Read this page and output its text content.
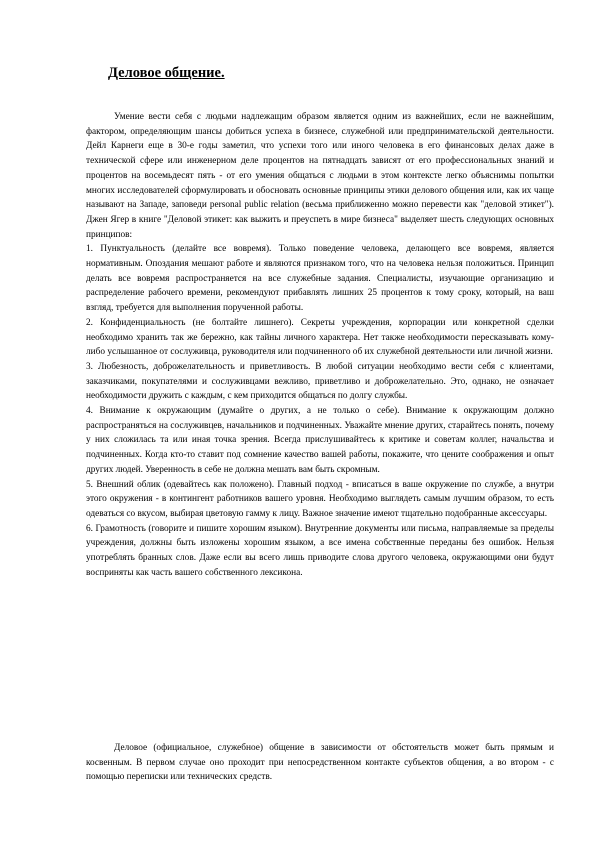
Деловое общение.

Умение вести себя с людьми надлежащим образом является одним из важнейших, если не важнейшим, фактором, определяющим шансы добиться успеха в бизнесе, служебной или предпринимательской деятельности. Дейл Карнеги еще в 30-е годы заметил, что успехи того или иного человека в его финансовых делах даже в технической сфере или инженерном деле процентов на пятнадцать зависят от его профессиональных знаний и процентов на восемьдесят пять - от его умения общаться с людьми в этом контексте легко объяснимы попытки многих исследователей сформулировать и обосновать основные принципы этики делового общения или, как их чаще называют на Западе, заповеди personal public relation (весьма приближенно можно перевести как "деловой этикет"). Джен Ягер в книге "Деловой этикет: как выжить и преуспеть в мире бизнеса" выделяет шесть следующих основных принципов:

1. Пунктуальность (делайте все вовремя). Только поведение человека, делающего все вовремя, является нормативным. Опоздания мешают работе и являются признаком того, что на человека нельзя положиться. Принцип делать все вовремя распространяется на все служебные задания. Специалисты, изучающие организацию и распределение рабочего времени, рекомендуют прибавлять лишних 25 процентов к тому сроку, который, на ваш взгляд, требуется для выполнения порученной работы.

2. Конфиденциальность (не болтайте лишнего). Секреты учреждения, корпорации или конкретной сделки необходимо хранить так же бережно, как тайны личного характера. Нет также необходимости пересказывать кому-либо услышанное от сослуживца, руководителя или подчиненного об их служебной деятельности или личной жизни.

3. Любезность, доброжелательность и приветливость. В любой ситуации необходимо вести себя с клиентами, заказчиками, покупателями и сослуживцами вежливо, приветливо и доброжелательно. Это, однако, не означает необходимости дружить с каждым, с кем приходится общаться по долгу службы.

4. Внимание к окружающим (думайте о других, а не только о себе). Внимание к окружающим должно распространяться на сослуживцев, начальников и подчиненных. Уважайте мнение других, старайтесь понять, почему у них сложилась та или иная точка зрения. Всегда прислушивайтесь к критике и советам коллег, начальства и подчиненных. Когда кто-то ставит под сомнение качество вашей работы, покажите, что цените соображения и опыт других людей. Уверенность в себе не должна мешать вам быть скромным.

5. Внешний облик (одевайтесь как положено). Главный подход - вписаться в ваше окружение по службе, а внутри этого окружения - в контингент работников вашего уровня. Необходимо выглядеть самым лучшим образом, то есть одеваться со вкусом, выбирая цветовую гамму к лицу. Важное значение имеют тщательно подобранные аксессуары.

6. Грамотность (говорите и пишите хорошим языком). Внутренние документы или письма, направляемые за пределы учреждения, должны быть изложены хорошим языком, а все имена собственные переданы без ошибок. Нельзя употреблять бранных слов. Даже если вы всего лишь приводите слова другого человека, окружающими они будут восприняты как часть вашего собственного лексикона.

Деловое (официальное, служебное) общение в зависимости от обстоятельств может быть прямым и косвенным. В первом случае оно проходит при непосредственном контакте субъектов общения, а во втором - с помощью переписки или технических средств.
